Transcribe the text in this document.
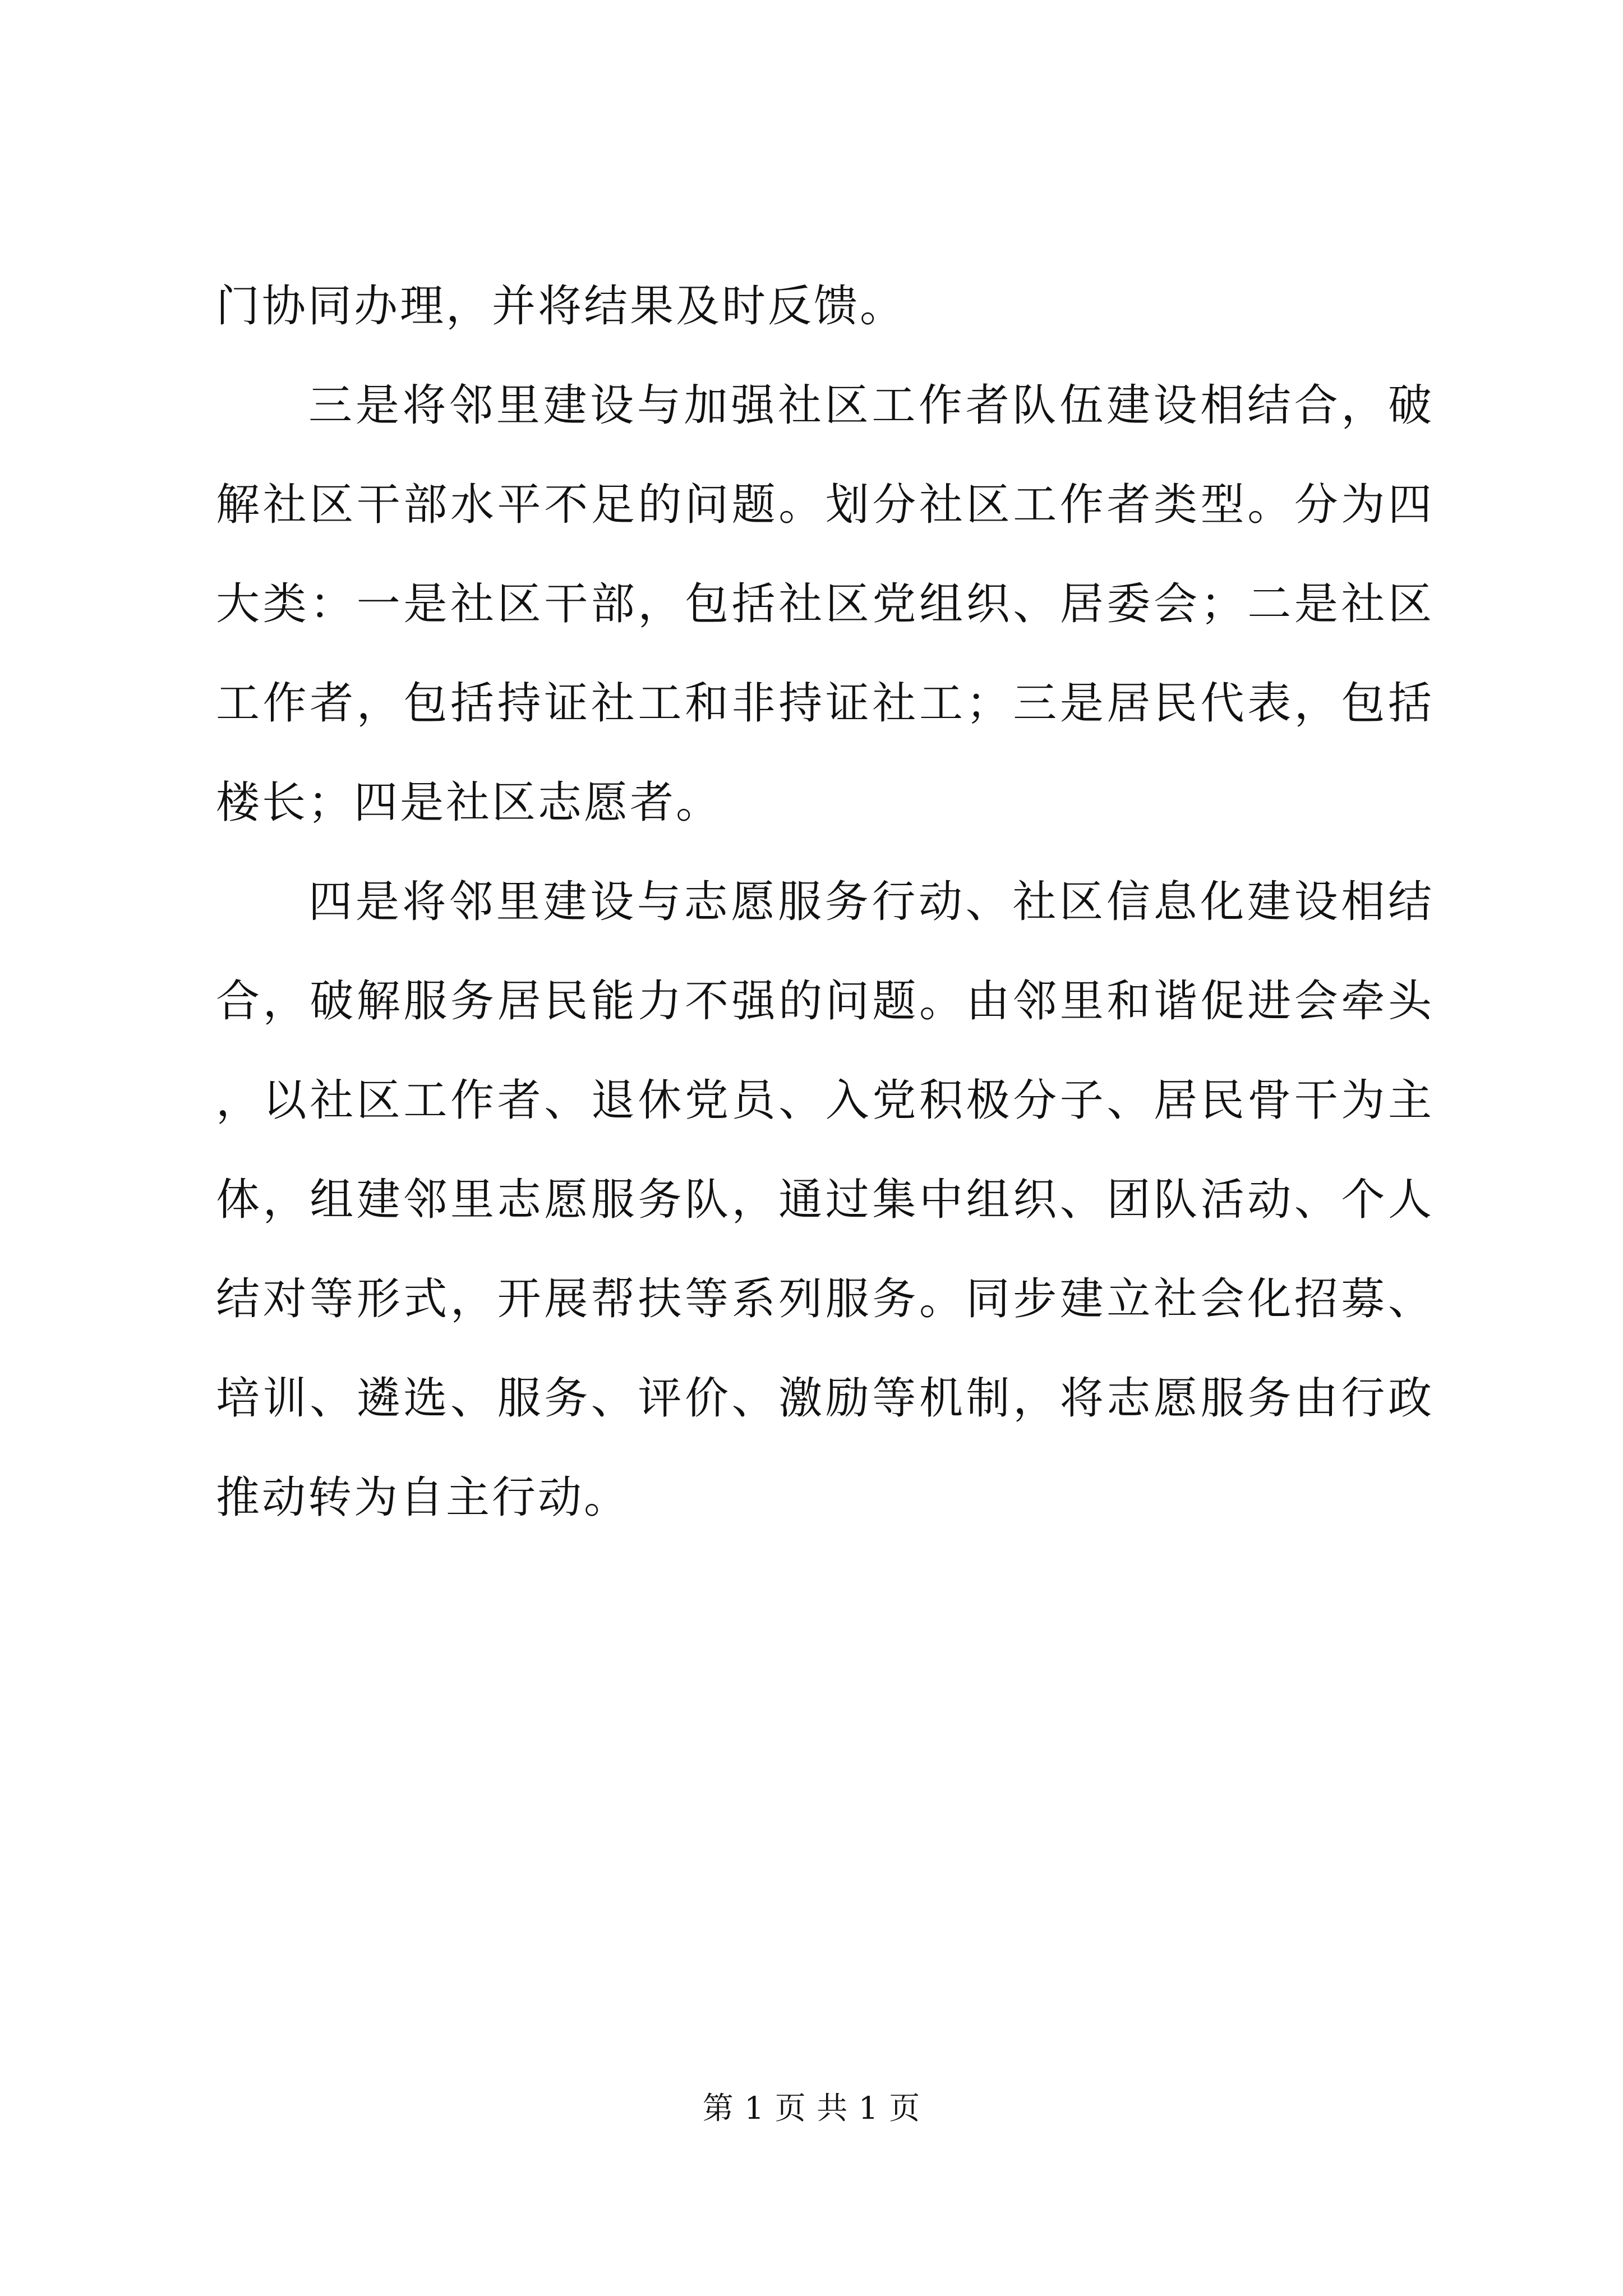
门协同办理，并将结果及时反馈。

三是将邻里建设与加强社区工作者队伍建设相结合，破解社区干部水平不足的问题。划分社区工作者类型。分为四大类：一是社区干部，包括社区党组织、居委会；二是社区工作者，包括持证社工和非持证社工；三是居民代表，包括楼长；四是社区志愿者。

四是将邻里建设与志愿服务行动、社区信息化建设相结合，破解服务居民能力不强的问题。由邻里和谐促进会牵头，以社区工作者、退休党员、入党积极分子、居民骨干为主体，组建邻里志愿服务队，通过集中组织、团队活动、个人结对等形式，开展帮扶等系列服务。同步建立社会化招募、培训、遴选、服务、评价、激励等机制，将志愿服务由行政推动转为自主行动。

第 1 页 共 1 页
